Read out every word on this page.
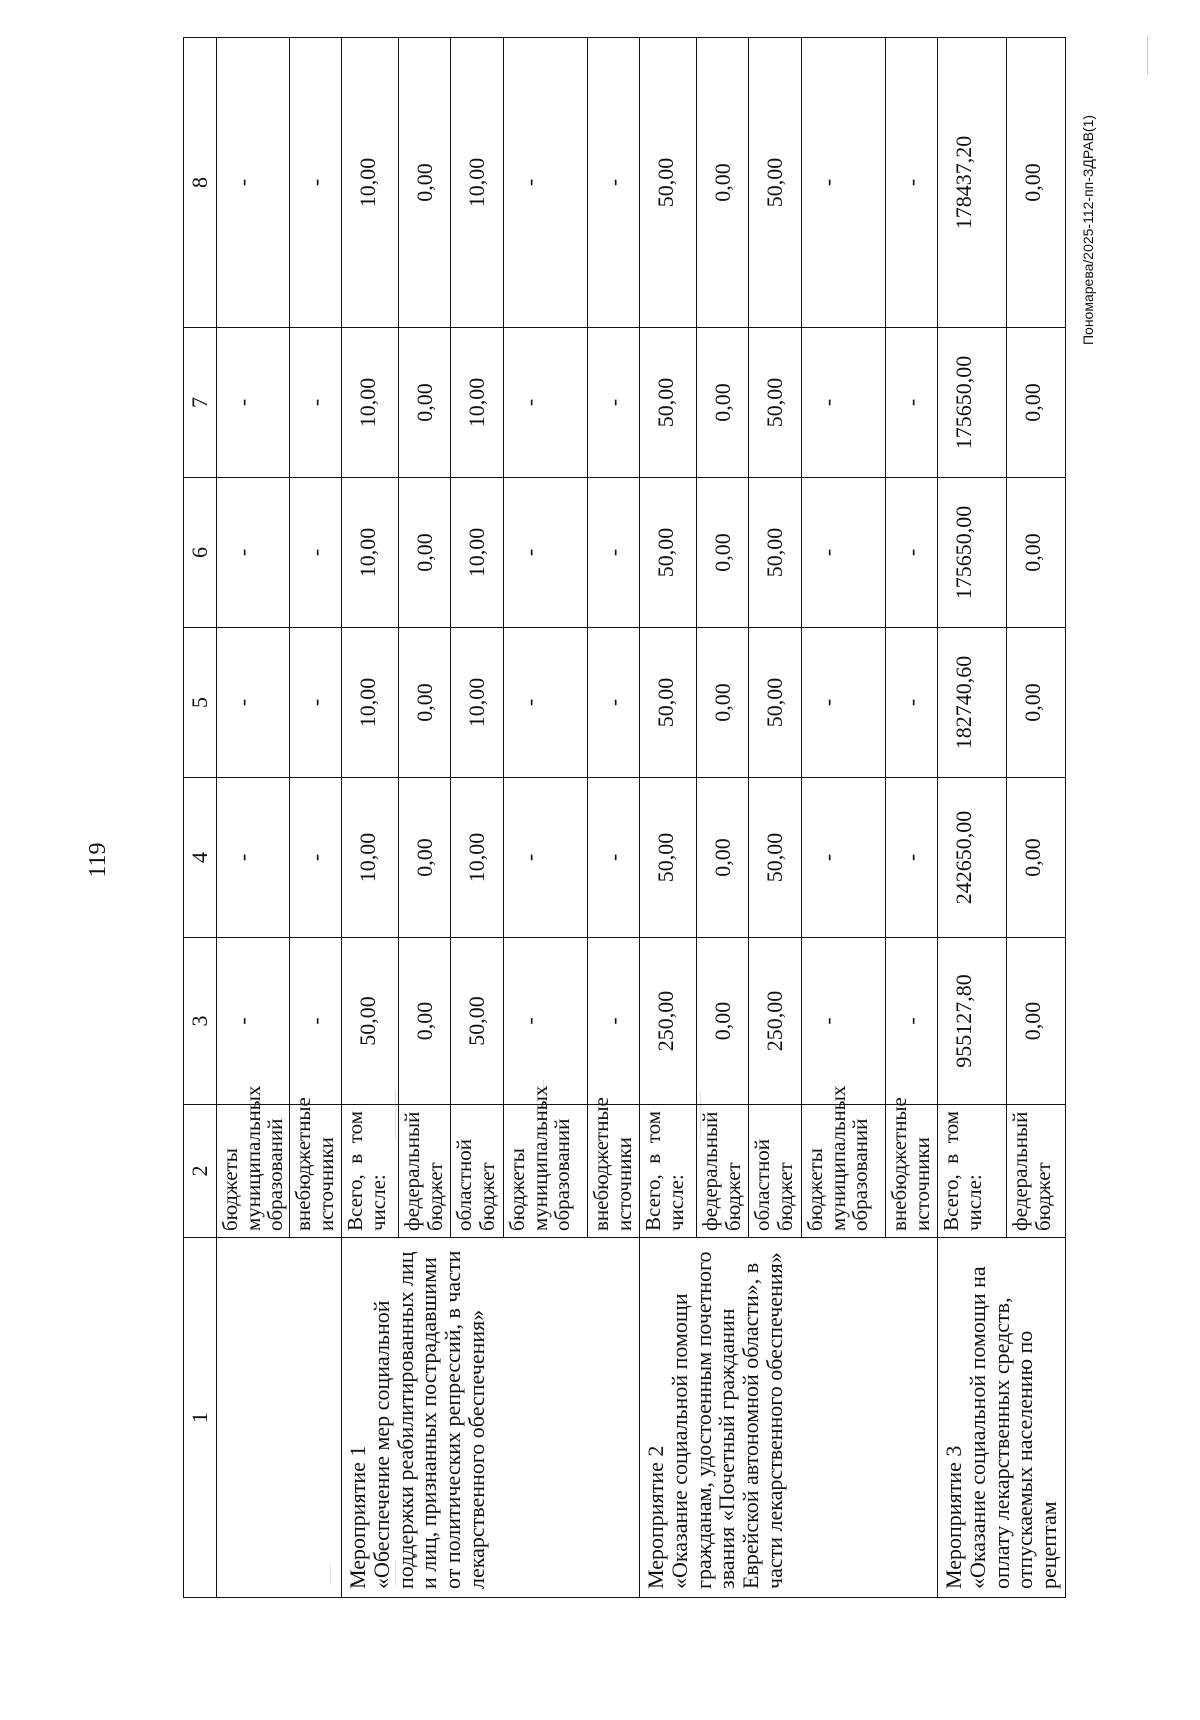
119
Пономарева/2025-112-пп-ЗДРАВ(1)
1	2	3	4	5	6	7	8

	бюджеты муниципальных образований	-	-	-	-	-	-
	внебюджетные источники	-	-	-	-	-	-

Мероприятие 1
«Обеспечение мер социальной поддержки реабилитированных лиц и лиц, признанных пострадавшими от политических репрессий, в части лекарственного обеспечения»	Всего, в том числе:	50,00	10,00	10,00	10,00	10,00	10,00
	федеральный бюджет	0,00	0,00	0,00	0,00	0,00	0,00
	областной бюджет	50,00	10,00	10,00	10,00	10,00	10,00
	бюджеты муниципальных образований	-	-	-	-	-	-
	внебюджетные источники	-	-	-	-	-	-

Мероприятие 2
«Оказание социальной помощи гражданам, удостоенным почетного звания «Почетный гражданин Еврейской автономной области», в части лекарственного обеспечения»	Всего, в том числе:	250,00	50,00	50,00	50,00	50,00	50,00
	федеральный бюджет	0,00	0,00	0,00	0,00	0,00	0,00
	областной бюджет	250,00	50,00	50,00	50,00	50,00	50,00
	бюджеты муниципальных образований	-	-	-	-	-	-
	внебюджетные источники	-	-	-	-	-	-

Мероприятие 3
«Оказание социальной помощи на оплату лекарственных средств, отпускаемых населению по рецептам	Всего, в том числе:	955127,80	242650,00	182740,60	175650,00	175650,00	178437,20
	федеральный бюджет	0,00	0,00	0,00	0,00	0,00	0,00
